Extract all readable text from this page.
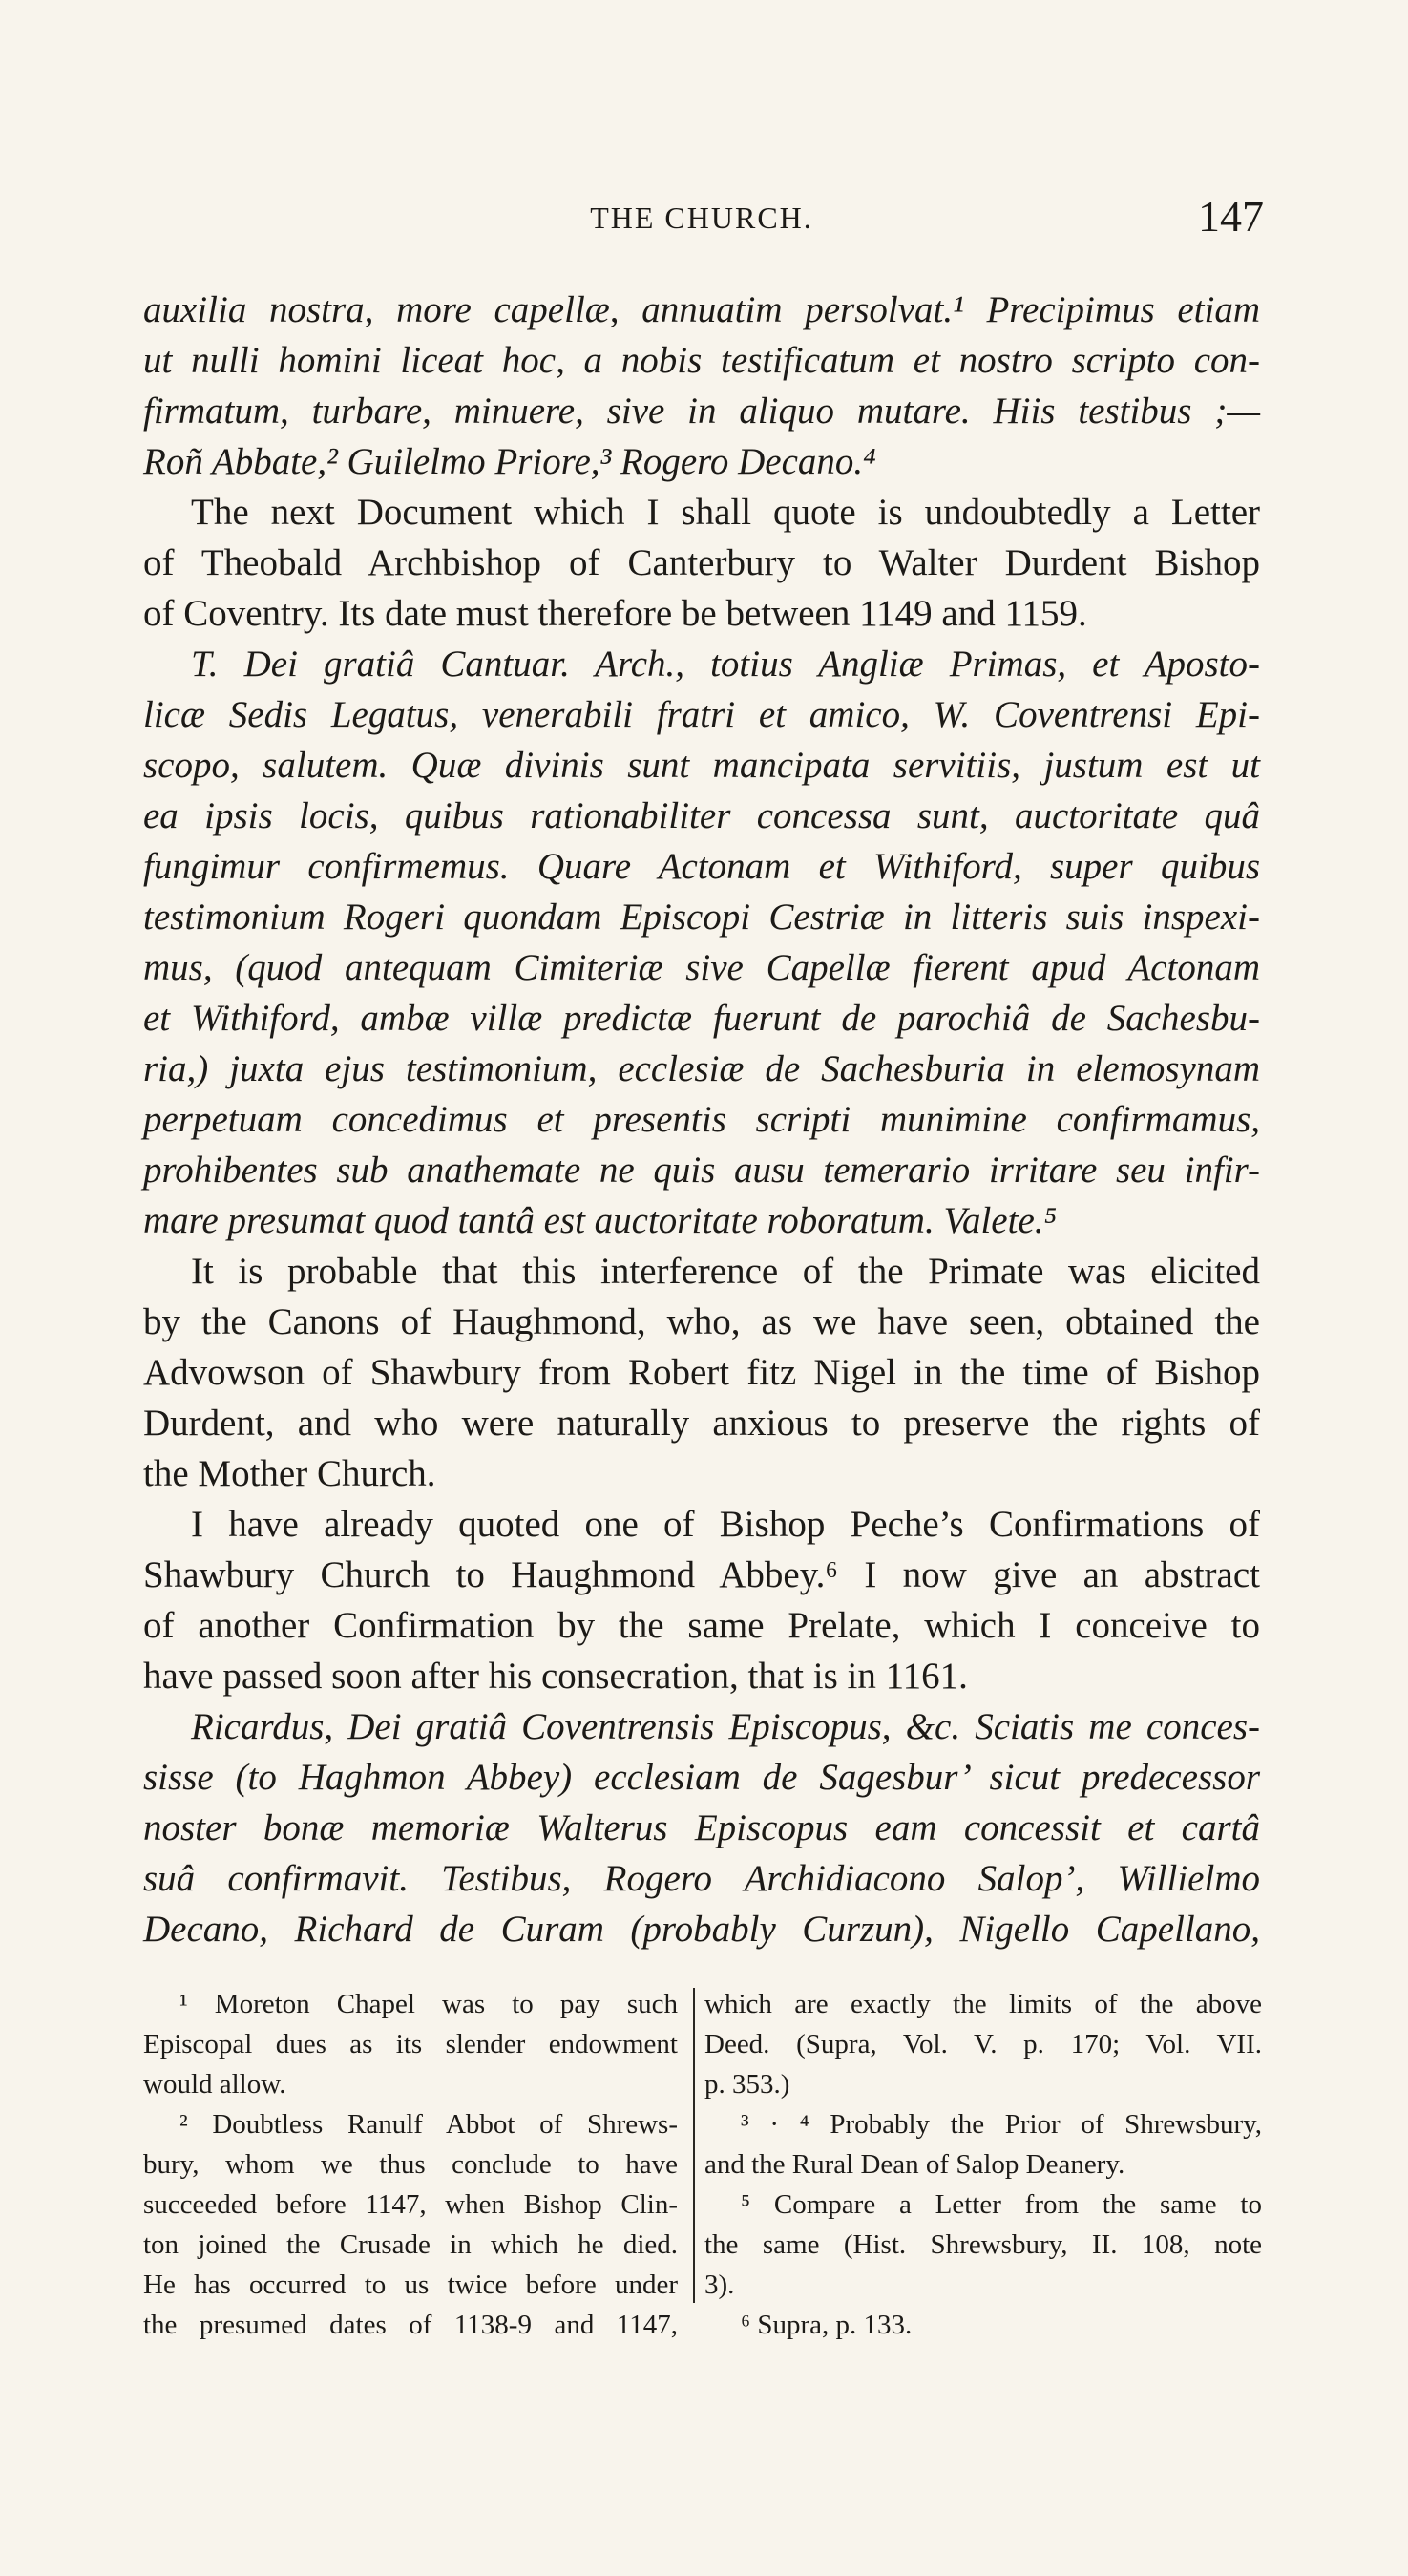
THE CHURCH.	147
auxilia nostra, more capellæ, annuatim persolvat.¹ Precipimus etiam
ut nulli homini liceat hoc, a nobis testificatum et nostro scripto con-
firmatum, turbare, minuere, sive in aliquo mutare. Hiis testibus ;—
Roñ Abbate,² Guilelmo Priore,³ Rogero Decano.⁴
The next Document which I shall quote is undoubtedly a Letter
of Theobald Archbishop of Canterbury to Walter Durdent Bishop
of Coventry. Its date must therefore be between 1149 and 1159.
T. Dei gratiâ Cantuar. Arch., totius Angliæ Primas, et Aposto-
licæ Sedis Legatus, venerabili fratri et amico, W. Coventrensi Epi-
scopo, salutem. Quæ divinis sunt mancipata servitiis, justum est ut
ea ipsis locis, quibus rationabiliter concessa sunt, auctoritate quâ
fungimur confirmemus. Quare Actonam et Withiford, super quibus
testimonium Rogeri quondam Episcopi Cestriæ in litteris suis inspexi-
mus, (quod antequam Cimiteriæ sive Capellæ fierent apud Actonam
et Withiford, ambæ villæ predictæ fuerunt de parochiâ de Sachesbu-
ria,) juxta ejus testimonium, ecclesiæ de Sachesburia in elemosynam
perpetuam concedimus et presentis scripti munimine confirmamus,
prohibentes sub anathemate ne quis ausu temerario irritare seu infir-
mare presumat quod tantâ est auctoritate roboratum. Valete.⁵
It is probable that this interference of the Primate was elicited
by the Canons of Haughmond, who, as we have seen, obtained the
Advowson of Shawbury from Robert fitz Nigel in the time of Bishop
Durdent, and who were naturally anxious to preserve the rights of
the Mother Church.
I have already quoted one of Bishop Peche’s Confirmations of
Shawbury Church to Haughmond Abbey.⁶ I now give an abstract
of another Confirmation by the same Prelate, which I conceive to
have passed soon after his consecration, that is in 1161.
Ricardus, Dei gratiâ Coventrensis Episcopus, &c. Sciatis me conces-
sisse (to Haghmon Abbey) ecclesiam de Sagesbur’ sicut predecessor
noster bonæ memoriæ Walterus Episcopus eam concessit et cartâ
suâ confirmavit. Testibus, Rogero Archidiacono Salop’, Willielmo
Decano, Richard de Curam (probably Curzun), Nigello Capellano,
¹ Moreton Chapel was to pay such
Episcopal dues as its slender endowment
would allow.
² Doubtless Ranulf Abbot of Shrews-
bury, whom we thus conclude to have
succeeded before 1147, when Bishop Clin-
ton joined the Crusade in which he died.
He has occurred to us twice before under
the presumed dates of 1138-9 and 1147,
which are exactly the limits of the above
Deed. (Supra, Vol. V. p. 170; Vol. VII.
p. 353.)
³ · ⁴ Probably the Prior of Shrewsbury,
and the Rural Dean of Salop Deanery.
⁵ Compare a Letter from the same to
the same (Hist. Shrewsbury, II. 108, note
3).
⁶ Supra, p. 133.
